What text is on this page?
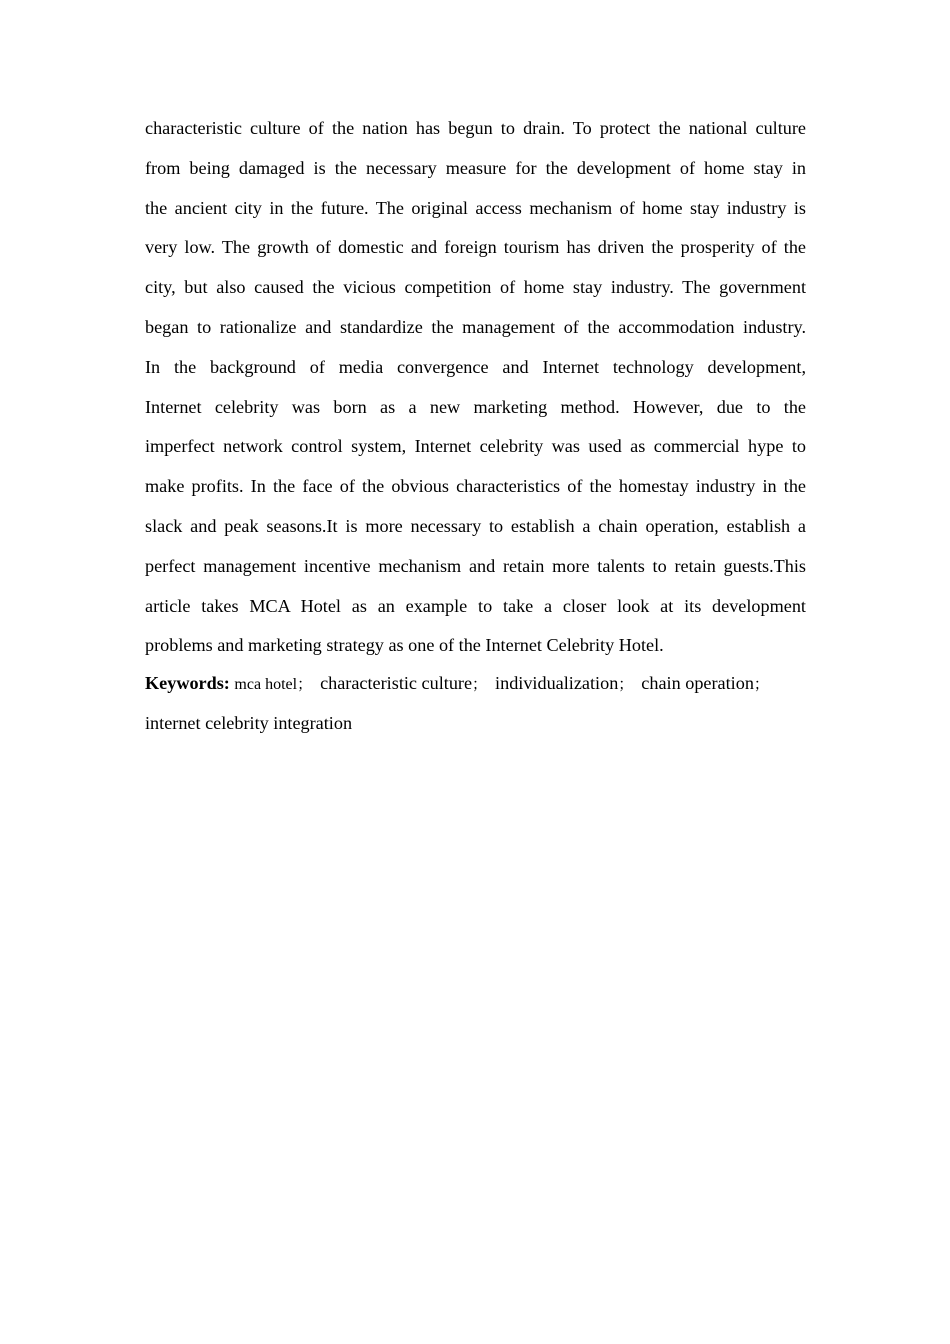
characteristic culture of the nation has begun to drain. To protect the national culture
from being damaged is the necessary measure for the development of home stay in
the ancient city in the future. The original access mechanism of home stay industry is
very low. The growth of domestic and foreign tourism has driven the prosperity of the
city, but also caused the vicious competition of home stay industry. The government
began to rationalize and standardize the management of the accommodation industry.
In the background of media convergence and Internet technology development,
Internet celebrity was born as a new marketing method. However, due to the
imperfect network control system, Internet celebrity was used as commercial hype to
make profits. In the face of the obvious characteristics of the homestay industry in the
slack and peak seasons.It is more necessary to establish a chain operation, establish a
perfect management incentive mechanism and retain more talents to retain guests.This
article takes MCA Hotel as an example to take a closer look at its development
problems and marketing strategy as one of the Internet Celebrity Hotel.
Keywords: mca hotel； characteristic culture； individualization； chain operation；
internet celebrity integration
